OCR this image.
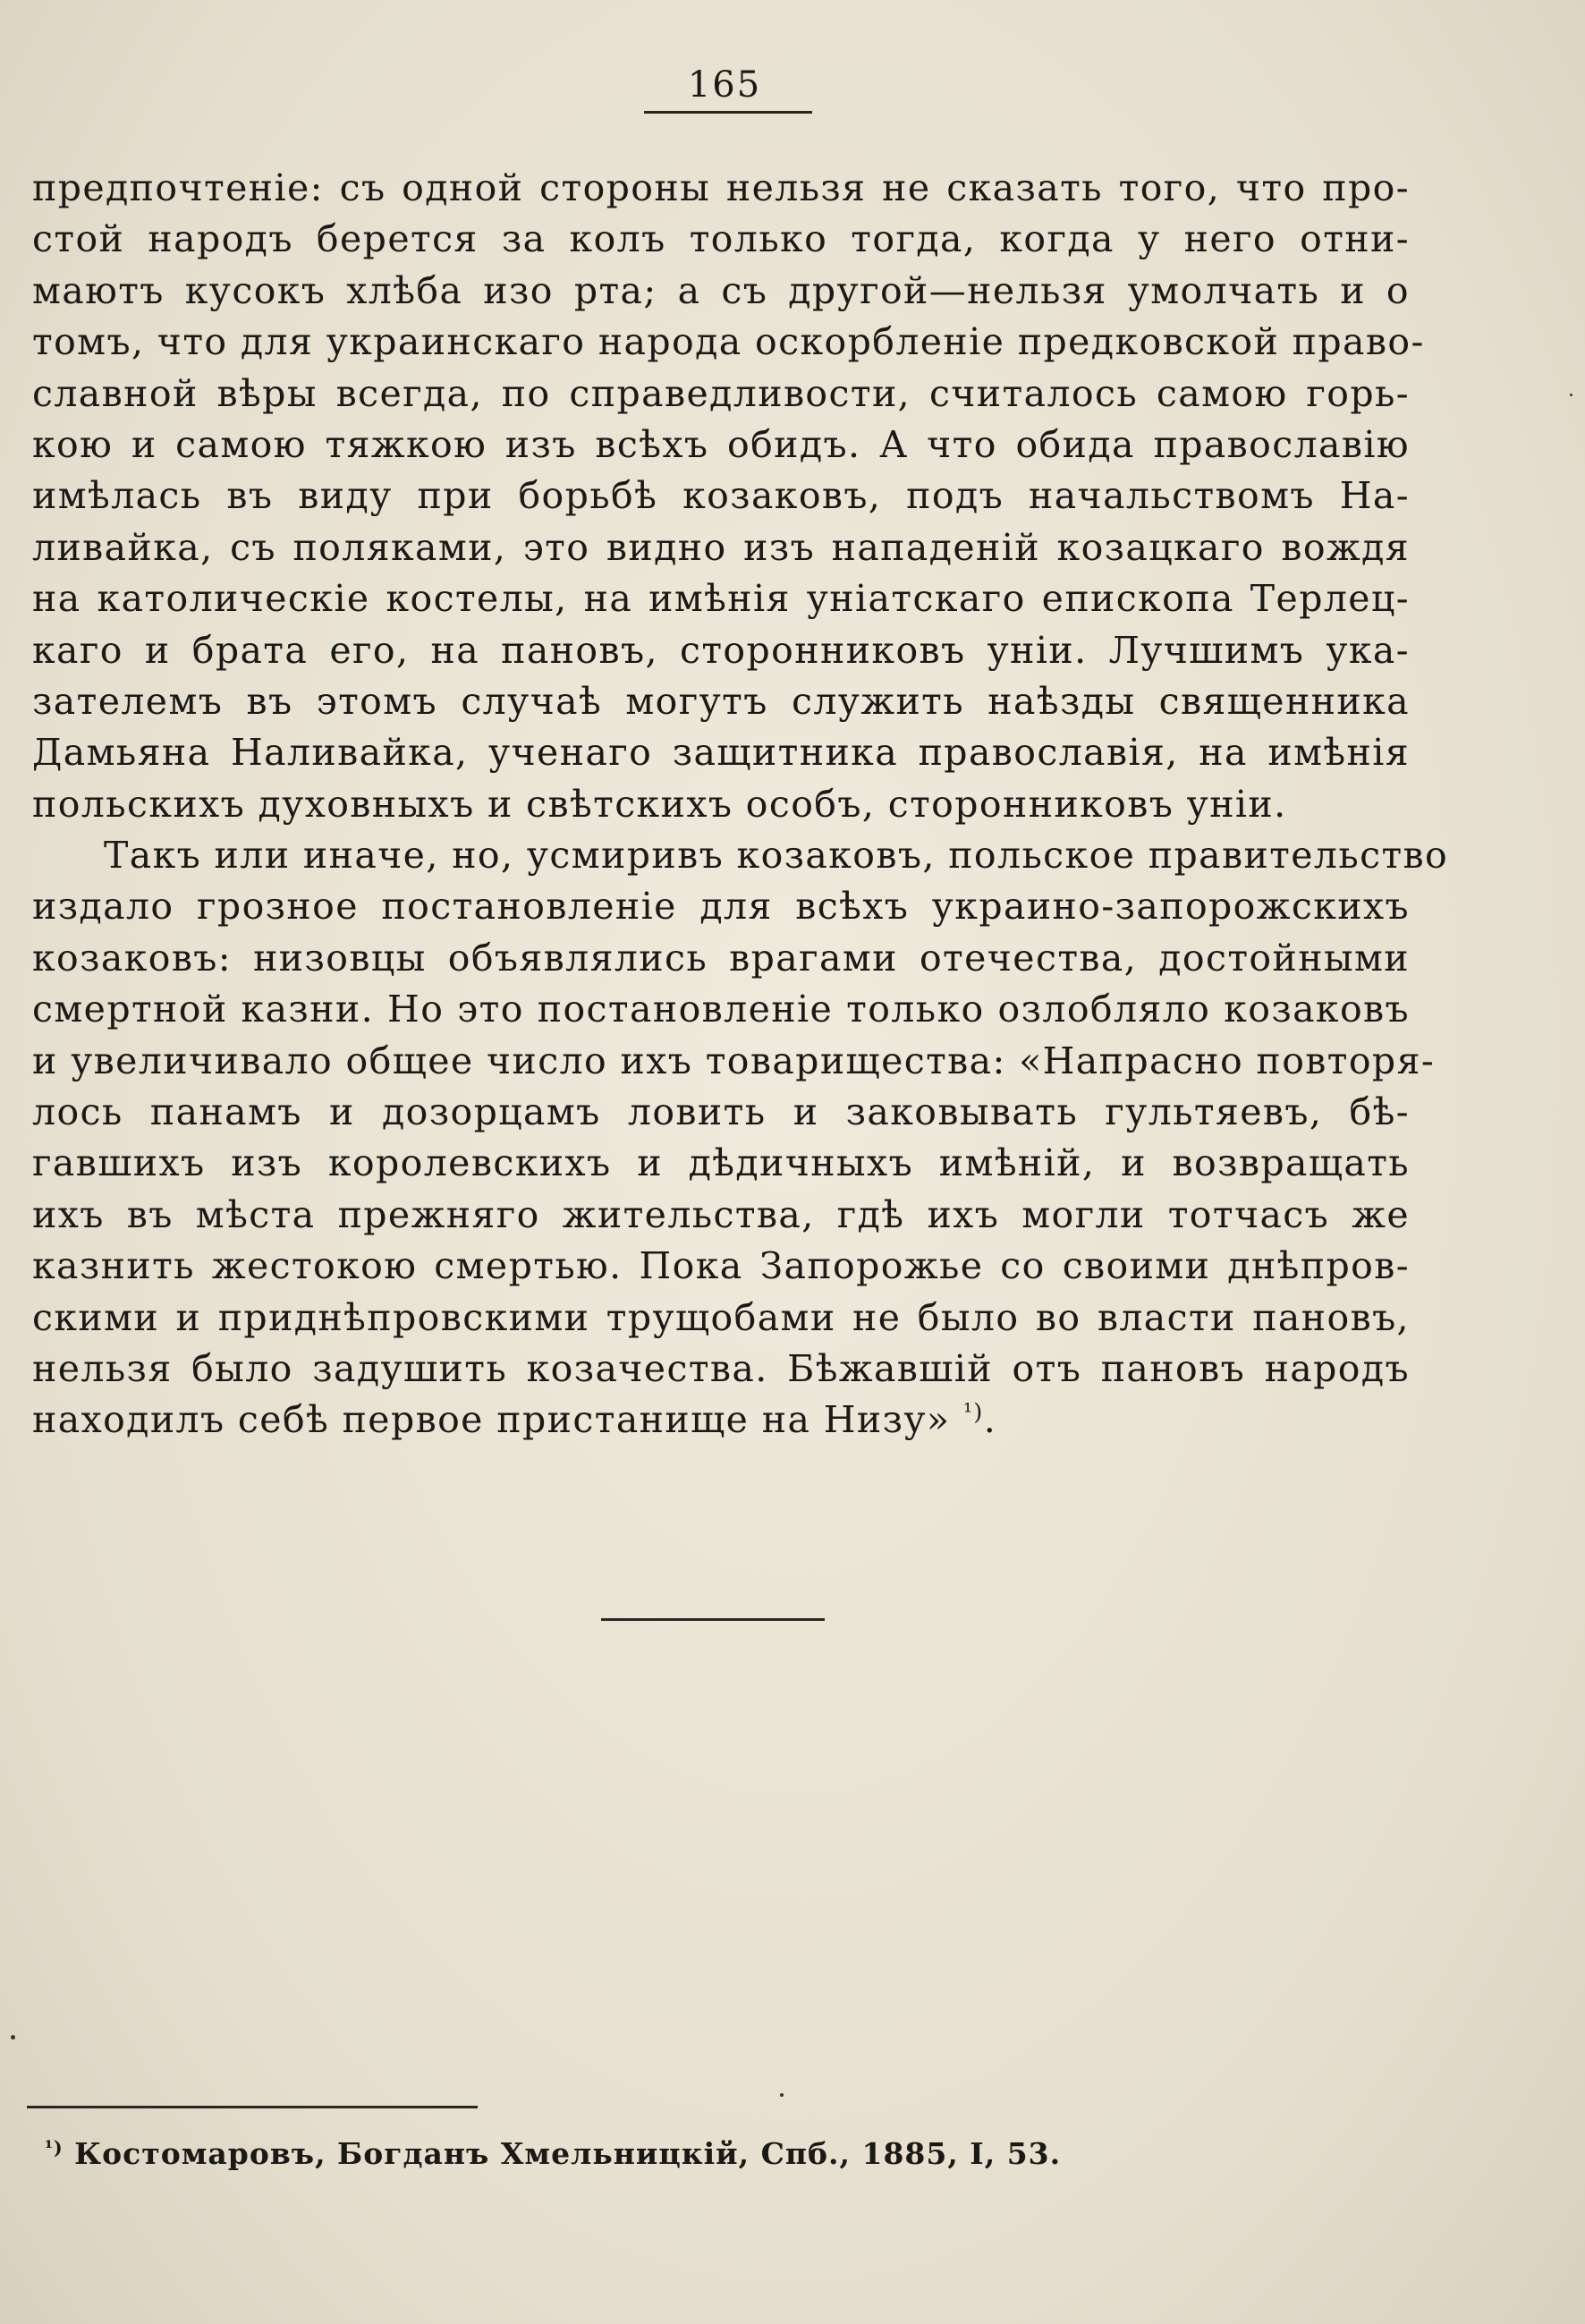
165
предпочтеніе: съ одной стороны нельзя не сказать того, что про-
стой народъ берется за колъ только тогда, когда у него отни-
маютъ кусокъ хлѣба изо рта; а съ другой—нельзя умолчать и о
томъ, что для украинскаго народа оскорбленіе предковской право-
славной вѣры всегда, по справедливости, считалось самою горь-
кою и самою тяжкою изъ всѣхъ обидъ. А что обида православію
имѣлась въ виду при борьбѣ козаковъ, подъ начальствомъ На-
ливайка, съ поляками, это видно изъ нападеній козацкаго вождя
на католическіе костелы, на имѣнія уніатскаго епископа Терлец-
каго и брата его, на пановъ, сторонниковъ уніи. Лучшимъ ука-
зателемъ въ этомъ случаѣ могутъ служить наѣзды священника
Дамьяна Наливайка, ученаго защитника православія, на имѣнія
польскихъ духовныхъ и свѣтскихъ особъ, сторонниковъ уніи.
Такъ или иначе, но, усмиривъ козаковъ, польское правительство
издало грозное постановленіе для всѣхъ украино-запорожскихъ
козаковъ: низовцы объявлялись врагами отечества, достойными
смертной казни. Но это постановленіе только озлобляло козаковъ
и увеличивало общее число ихъ товарищества: «Напрасно повторя-
лось панамъ и дозорцамъ ловить и заковывать гультяевъ, бѣ-
гавшихъ изъ королевскихъ и дѣдичныхъ имѣній, и возвращать
ихъ въ мѣста прежняго жительства, гдѣ ихъ могли тотчасъ же
казнить жестокою смертью. Пока Запорожье со своими днѣпров-
скими и приднѣпровскими трущобами не было во власти пановъ,
нельзя было задушить козачества. Бѣжавшій отъ пановъ народъ
находилъ себѣ первое пристанище на Низу» $^{^1)}$.
$^{^1)}$ Костомаровъ, Богданъ Хмельницкій, Спб., 1885, I, 53.
